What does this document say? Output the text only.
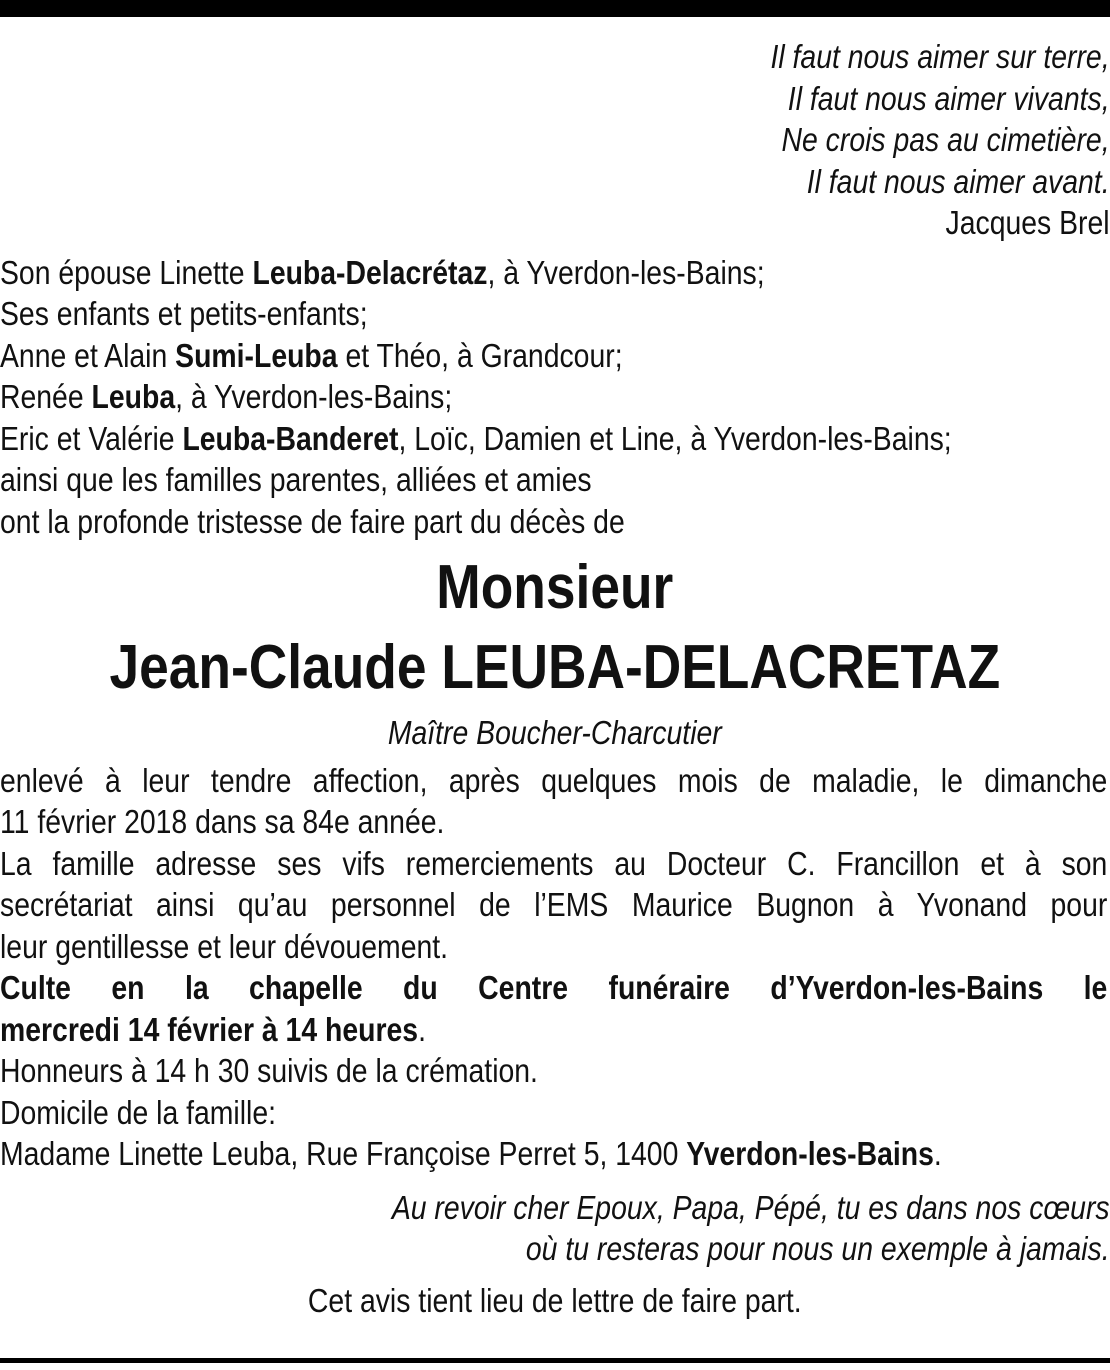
Il faut nous aimer sur terre,
Il faut nous aimer vivants,
Ne crois pas au cimetière,
Il faut nous aimer avant.
Jacques Brel
Son épouse Linette Leuba-Delacrétaz, à Yverdon-les-Bains;
Ses enfants et petits-enfants;
Anne et Alain Sumi-Leuba et Théo, à Grandcour;
Renée Leuba, à Yverdon-les-Bains;
Eric et Valérie Leuba-Banderet, Loïc, Damien et Line, à Yverdon-les-Bains;
ainsi que les familles parentes, alliées et amies
ont la profonde tristesse de faire part du décès de
Monsieur
Jean-Claude LEUBA-DELACRETAZ
Maître Boucher-Charcutier
enlevé à leur tendre affection, après quelques mois de maladie, le dimanche
11 février 2018 dans sa 84e année.
La famille adresse ses vifs remerciements au Docteur C. Francillon et à son
secrétariat ainsi qu’au personnel de l’EMS Maurice Bugnon à Yvonand pour
leur gentillesse et leur dévouement.
Culte en la chapelle du Centre funéraire d’Yverdon-les-Bains le
mercredi 14 février à 14 heures.
Honneurs à 14 h 30 suivis de la crémation.
Domicile de la famille:
Madame Linette Leuba, Rue Françoise Perret 5, 1400 Yverdon-les-Bains.
Au revoir cher Epoux, Papa, Pépé, tu es dans nos cœurs
où tu resteras pour nous un exemple à jamais.
Cet avis tient lieu de lettre de faire part.
